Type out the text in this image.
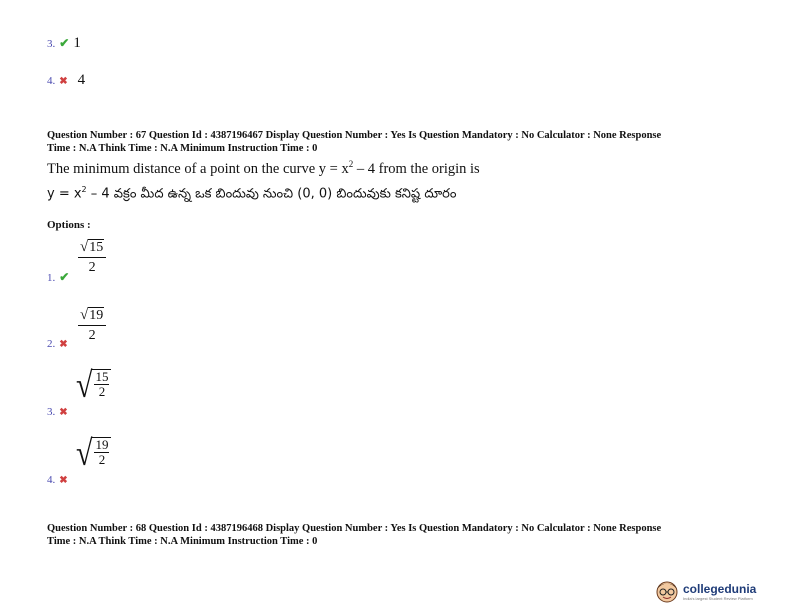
3. ✔ 1
4. ✖ 4
Question Number : 67 Question Id : 4387196467 Display Question Number : Yes Is Question Mandatory : No Calculator : None Response
Time : N.A Think Time : N.A Minimum Instruction Time : 0
The minimum distance of a point on the curve $y = x^2 - 4$ from the origin is
$y = x^2 - 4$ వక్రం మీద ఉన్న ఒక బిందువు నుంచి (0, 0) బిందువుకు కనిష్ట దూరం
Options :
1. ✔
$\frac{√ 15}{2}$
2. ✖
$\frac{√ 19}{2}$
3. ✖
√ $\frac{15}{2}$
4. ✖
√ $\frac{19}{2}$
Question Number : 68 Question Id : 4387196468 Display Question Number : Yes Is Question Mandatory : No Calculator : None Response
Time : N.A Think Time : N.A Minimum Instruction Time : 0
collegedunia
India's largest Student Review Platform
